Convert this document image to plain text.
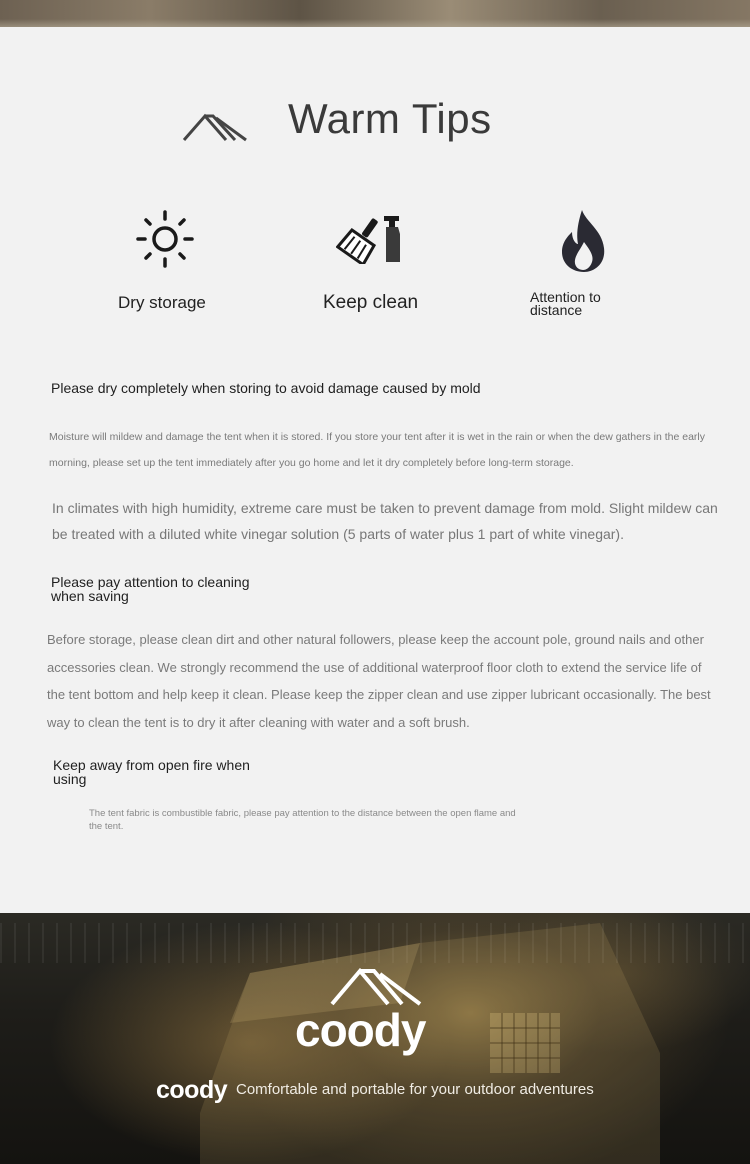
Warm Tips
Dry storage	Keep clean	Attention to distance
Please dry completely when storing to avoid damage caused by mold
Moisture will mildew and damage the tent when it is stored. If you store your tent after it is wet in the rain or when the dew gathers in the early morning, please set up the tent immediately after you go home and let it dry completely before long-term storage.
In climates with high humidity, extreme care must be taken to prevent damage from mold. Slight mildew can be treated with a diluted white vinegar solution (5 parts of water plus 1 part of white vinegar).
Please pay attention to cleaning when saving
Before storage, please clean dirt and other natural followers, please keep the account pole, ground nails and other accessories clean. We strongly recommend the use of additional waterproof floor cloth to extend the service life of the tent bottom and help keep it clean. Please keep the zipper clean and use zipper lubricant occasionally. The best way to clean the tent is to dry it after cleaning with water and a soft brush.
Keep away from open fire when using
The tent fabric is combustible fabric, please pay attention to the distance between the open flame and the tent.
coody
coody Comfortable and portable for your outdoor adventures
